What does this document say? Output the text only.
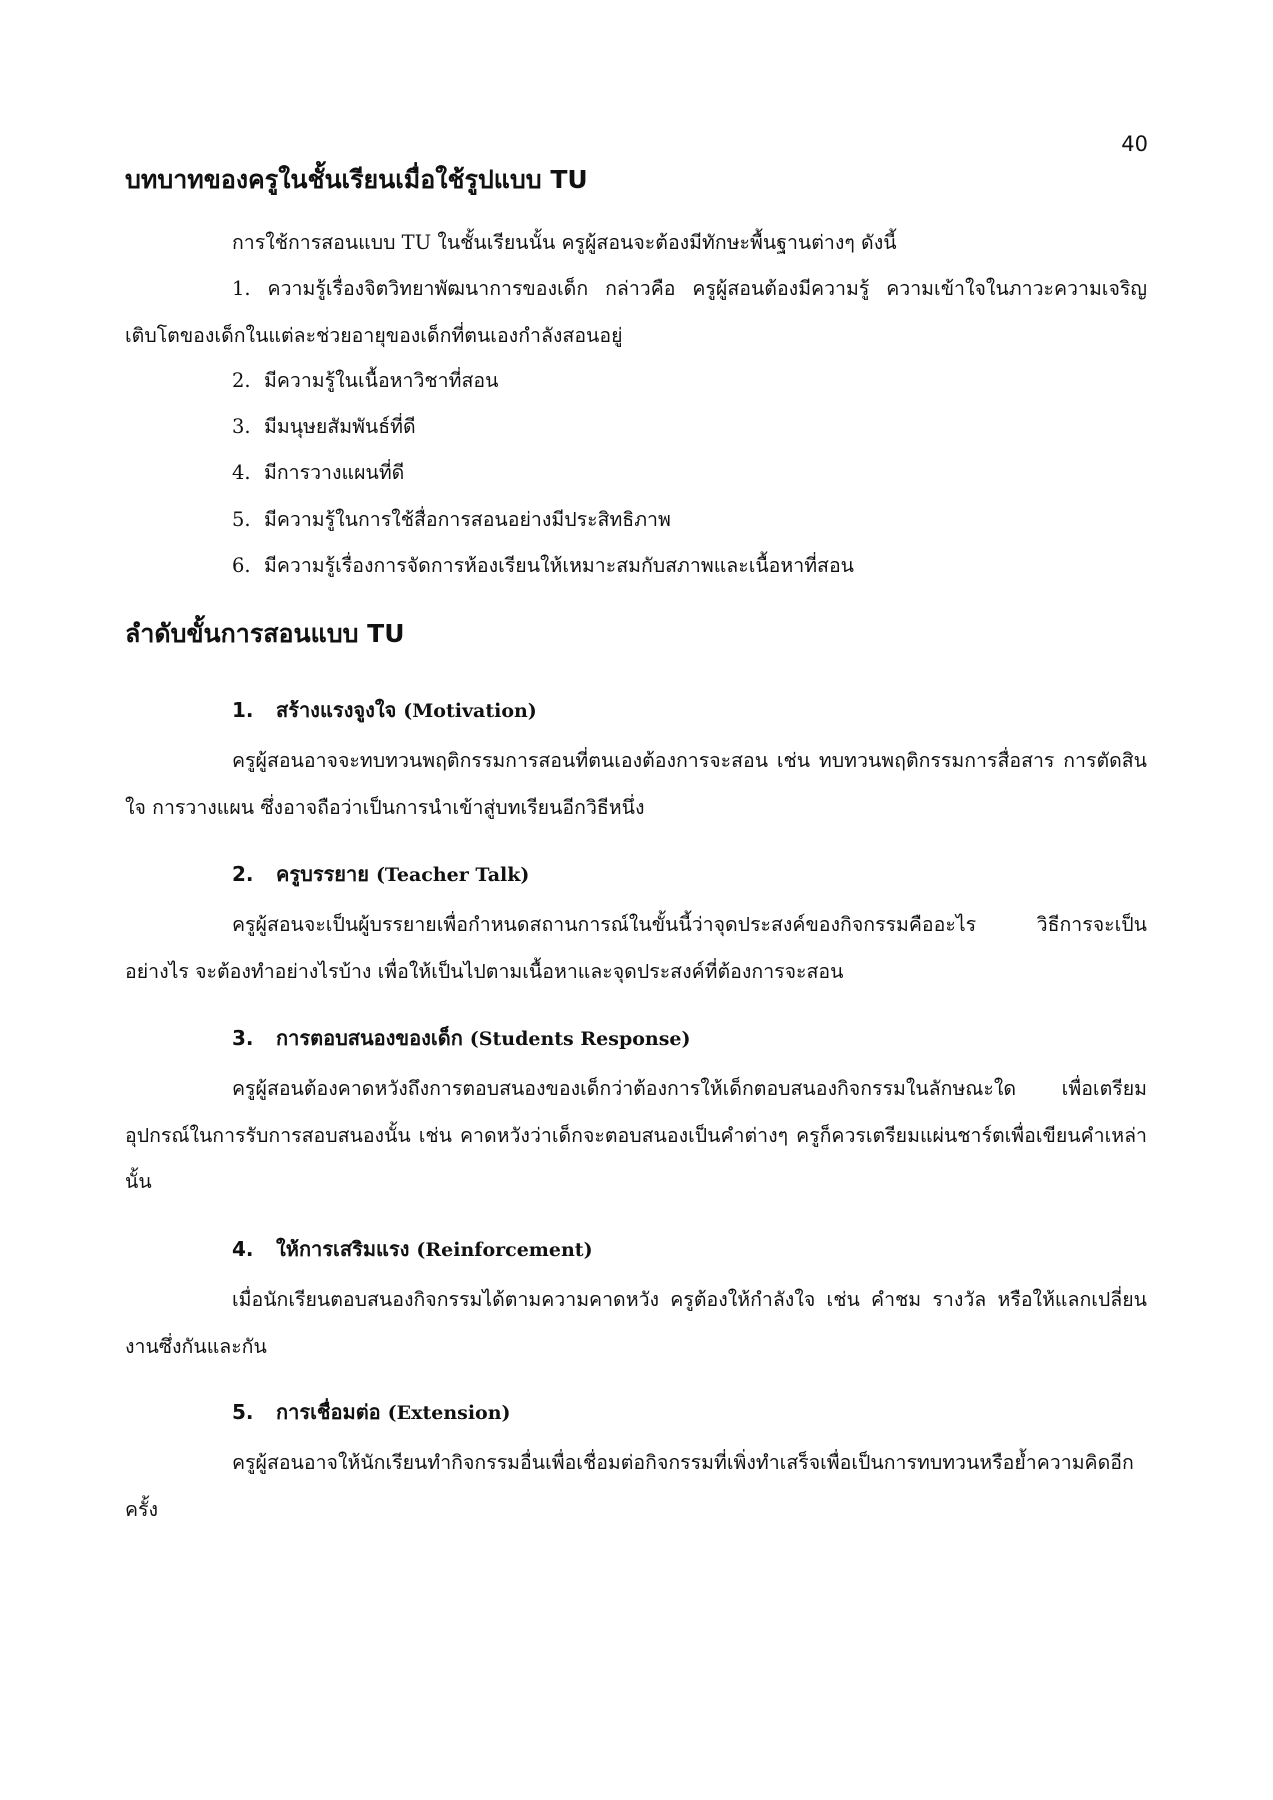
40
บทบาทของครูในชั้นเรียนเมื่อใช้รูปแบบ TU

การใช้การสอนแบบ TU ในชั้นเรียนนั้น ครูผู้สอนจะต้องมีทักษะพื้นฐานต่างๆ ดังนี้

1. ความรู้เรื่องจิตวิทยาพัฒนาการของเด็ก กล่าวคือ ครูผู้สอนต้องมีความรู้ ความเข้าใจในภาวะความเจริญเติบโตของเด็กในแต่ละช่วยอายุของเด็กที่ตนเองกำลังสอนอยู่

2. มีความรู้ในเนื้อหาวิชาที่สอน

3. มีมนุษยสัมพันธ์ที่ดี

4. มีการวางแผนที่ดี

5. มีความรู้ในการใช้สื่อการสอนอย่างมีประสิทธิภาพ

6. มีความรู้เรื่องการจัดการห้องเรียนให้เหมาะสมกับสภาพและเนื้อหาที่สอน

ลำดับขั้นการสอนแบบ TU
1. สร้างแรงจูงใจ (Motivation)

ครูผู้สอนอาจจะทบทวนพฤติกรรมการสอนที่ตนเองต้องการจะสอน เช่น ทบทวนพฤติกรรมการสื่อสาร การตัดสินใจ การวางแผน ซึ่งอาจถือว่าเป็นการนำเข้าสู่บทเรียนอีกวิธีหนึ่ง

2. ครูบรรยาย (Teacher Talk)

ครูผู้สอนจะเป็นผู้บรรยายเพื่อกำหนดสถานการณ์ในขั้นนี้ว่าจุดประสงค์ของกิจกรรมคืออะไร วิธีการจะเป็นอย่างไร จะต้องทำอย่างไรบ้าง เพื่อให้เป็นไปตามเนื้อหาและจุดประสงค์ที่ต้องการจะสอน

3. การตอบสนองของเด็ก (Students Response)

ครูผู้สอนต้องคาดหวังถึงการตอบสนองของเด็กว่าต้องการให้เด็กตอบสนองกิจกรรมในลักษณะใด เพื่อเตรียมอุปกรณ์ในการรับการสอบสนองนั้น เช่น คาดหวังว่าเด็กจะตอบสนองเป็นคำต่างๆ ครูก็ควรเตรียมแผ่นชาร์ตเพื่อเขียนคำเหล่านั้น

4. ให้การเสริมแรง (Reinforcement)

เมื่อนักเรียนตอบสนองกิจกรรมได้ตามความคาดหวัง ครูต้องให้กำลังใจ เช่น คำชม รางวัล หรือให้แลกเปลี่ยนงานซึ่งกันและกัน

5. การเชื่อมต่อ (Extension)

ครูผู้สอนอาจให้นักเรียนทำกิจกรรมอื่นเพื่อเชื่อมต่อกิจกรรมที่เพิ่งทำเสร็จเพื่อเป็นการทบทวนหรือย้ำความคิดอีกครั้ง
